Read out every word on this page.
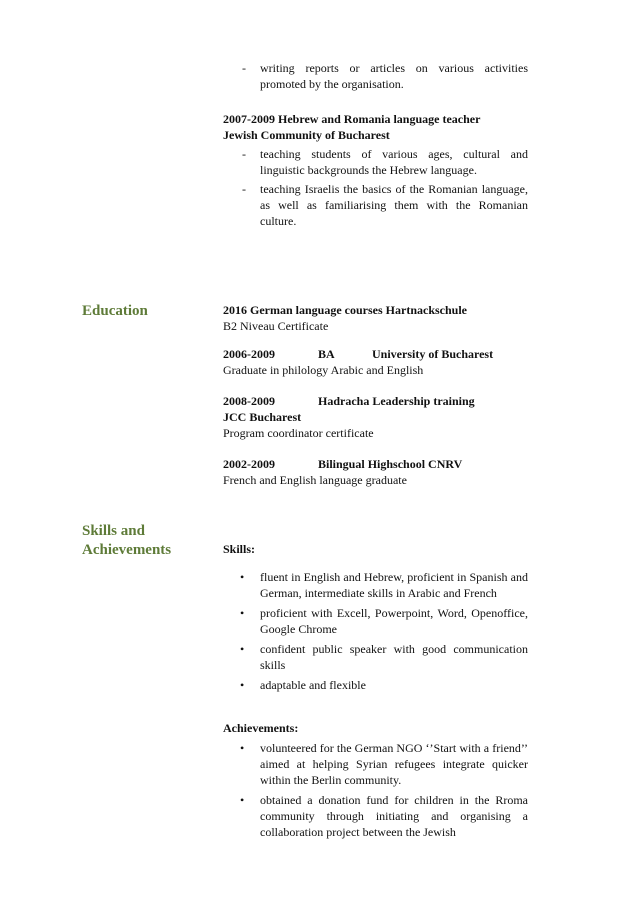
- writing reports or articles on various activities promoted by the organisation.
2007-2009 Hebrew and Romania language teacher
Jewish Community of Bucharest
- teaching students of various ages, cultural and linguistic backgrounds the Hebrew language.
- teaching Israelis the basics of the Romanian language, as well as familiarising them with the Romanian culture.
Education	2016 German language courses Hartnackschule
B2 Niveau Certificate
2006-2009	BA	University of Bucharest
Graduate in philology Arabic and English
2008-2009	Hadracha Leadership training
JCC Bucharest
Program coordinator certificate
2002-2009	Bilingual Highschool CNRV
French and English language graduate
Skills and
Achievements	Skills:
• fluent in English and Hebrew, proficient in Spanish and German, intermediate skills in Arabic and French
• proficient with Excell, Powerpoint, Word, Openoffice, Google Chrome
• confident public speaker with good communication skills
• adaptable and flexible
Achievements:
• volunteered for the German NGO ‘’Start with a friend’’ aimed at helping Syrian refugees integrate quicker within the Berlin community.
• obtained a donation fund for children in the Rroma community through initiating and organising a collaboration project between the Jewish
